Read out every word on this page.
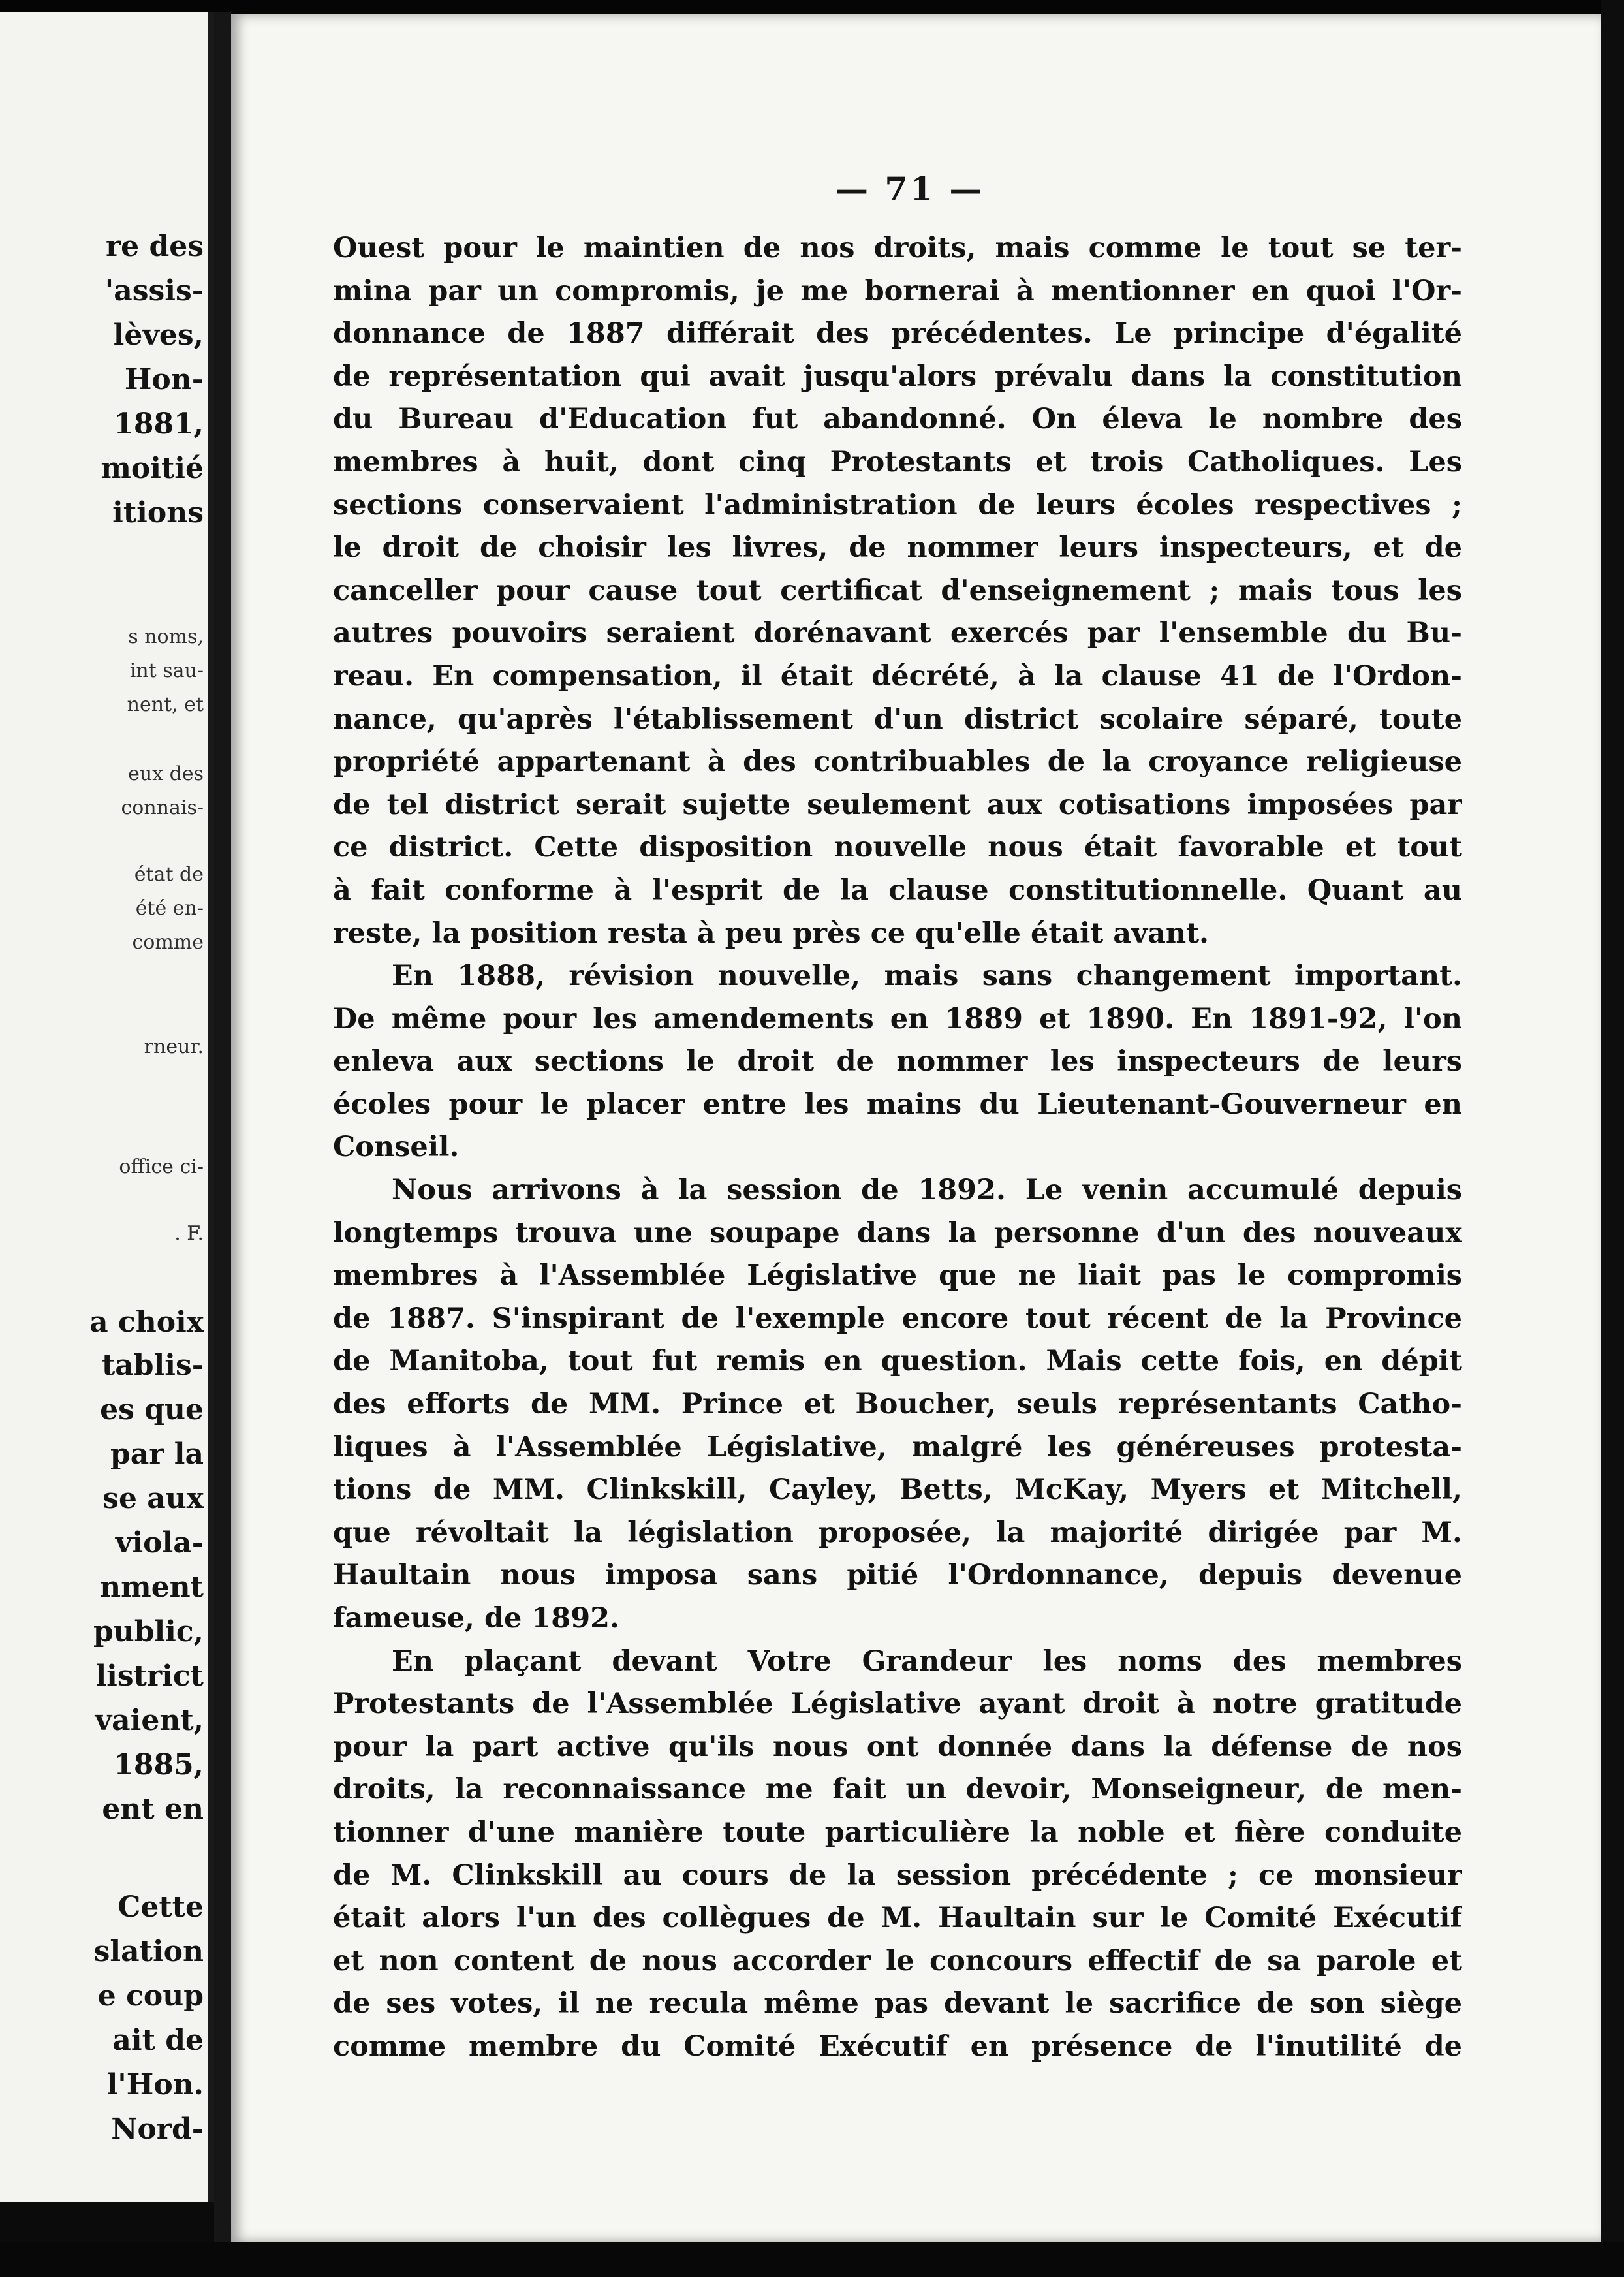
re des
'assis-
lèves,
Hon-
1881,
moitié
itions
s noms,
int sau-
nent, et
eux des
connais-
état de
été en-
comme
rneur.
office ci-
. F.
a choix
tablis-
es que
par la
se aux
viola-
nment
public,
listrict
vaient,
1885,
ent en
Cette
slation
e coup
ait de
l'Hon.
Nord-
— 71 —
Ouest pour le maintien de nos droits, mais comme le tout se ter-
mina par un compromis, je me bornerai à mentionner en quoi l'Or-
donnance de 1887 différait des précédentes. Le principe d'égalité
de représentation qui avait jusqu'alors prévalu dans la constitution
du Bureau d'Education fut abandonné. On éleva le nombre des
membres à huit, dont cinq Protestants et trois Catholiques. Les
sections conservaient l'administration de leurs écoles respectives ;
le droit de choisir les livres, de nommer leurs inspecteurs, et de
canceller pour cause tout certificat d'enseignement ; mais tous les
autres pouvoirs seraient dorénavant exercés par l'ensemble du Bu-
reau. En compensation, il était décrété, à la clause 41 de l'Ordon-
nance, qu'après l'établissement d'un district scolaire séparé, toute
propriété appartenant à des contribuables de la croyance religieuse
de tel district serait sujette seulement aux cotisations imposées par
ce district. Cette disposition nouvelle nous était favorable et tout
à fait conforme à l'esprit de la clause constitutionnelle. Quant au
reste, la position resta à peu près ce qu'elle était avant.
En 1888, révision nouvelle, mais sans changement important.
De même pour les amendements en 1889 et 1890. En 1891-92, l'on
enleva aux sections le droit de nommer les inspecteurs de leurs
écoles pour le placer entre les mains du Lieutenant-Gouverneur en
Conseil.
Nous arrivons à la session de 1892. Le venin accumulé depuis
longtemps trouva une soupape dans la personne d'un des nouveaux
membres à l'Assemblée Législative que ne liait pas le compromis
de 1887. S'inspirant de l'exemple encore tout récent de la Province
de Manitoba, tout fut remis en question. Mais cette fois, en dépit
des efforts de MM. Prince et Boucher, seuls représentants Catho-
liques à l'Assemblée Législative, malgré les généreuses protesta-
tions de MM. Clinkskill, Cayley, Betts, McKay, Myers et Mitchell,
que révoltait la législation proposée, la majorité dirigée par M.
Haultain nous imposa sans pitié l'Ordonnance, depuis devenue
fameuse, de 1892.
En plaçant devant Votre Grandeur les noms des membres
Protestants de l'Assemblée Législative ayant droit à notre gratitude
pour la part active qu'ils nous ont donnée dans la défense de nos
droits, la reconnaissance me fait un devoir, Monseigneur, de men-
tionner d'une manière toute particulière la noble et fière conduite
de M. Clinkskill au cours de la session précédente ; ce monsieur
était alors l'un des collègues de M. Haultain sur le Comité Exécutif
et non content de nous accorder le concours effectif de sa parole et
de ses votes, il ne recula même pas devant le sacrifice de son siège
comme membre du Comité Exécutif en présence de l'inutilité de
